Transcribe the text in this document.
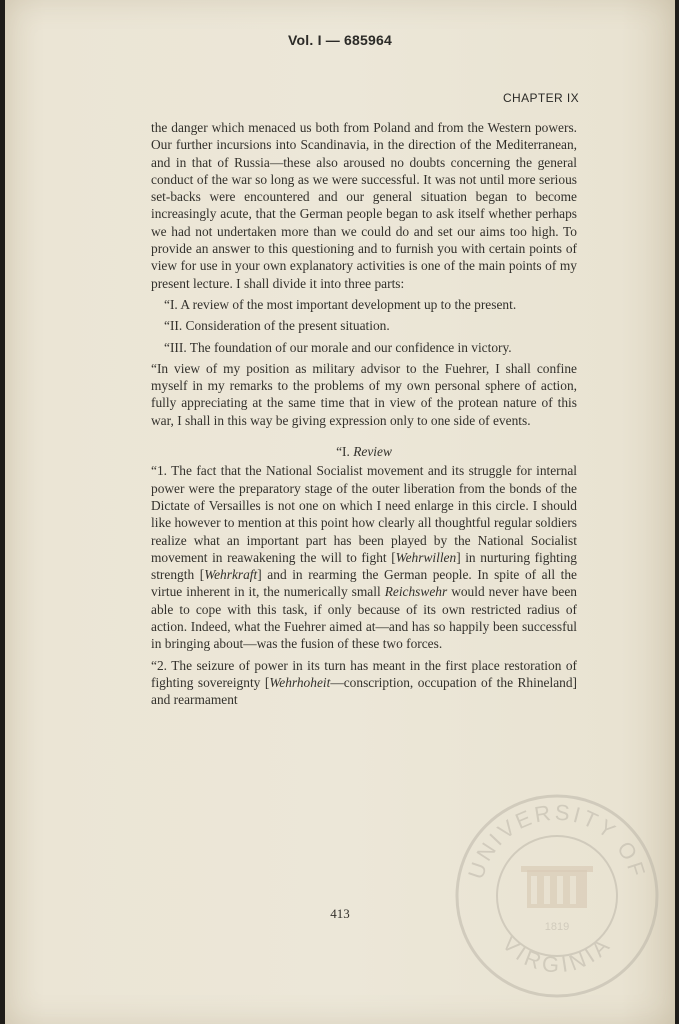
Vol. I — 685964
CHAPTER IX

the danger which menaced us both from Poland and from the Western powers. Our further incursions into Scandinavia, in the direction of the Mediterranean, and in that of Russia—these also aroused no doubts concerning the general conduct of the war so long as we were successful. It was not until more serious set-backs were encountered and our general situation began to become increasingly acute, that the German people began to ask itself whether perhaps we had not undertaken more than we could do and set our aims too high. To provide an answer to this questioning and to furnish you with certain points of view for use in your own explanatory activities is one of the main points of my present lecture. I shall divide it into three parts:

“I. A review of the most important development up to the present.

“II. Consideration of the present situation.

“III. The foundation of our morale and our confidence in victory.

“In view of my position as military advisor to the Fuehrer, I shall confine myself in my remarks to the problems of my own personal sphere of action, fully appreciating at the same time that in view of the protean nature of this war, I shall in this way be giving expression only to one side of events.

“I. Review

“1. The fact that the National Socialist movement and its struggle for internal power were the preparatory stage of the outer liberation from the bonds of the Dictate of Versailles is not one on which I need enlarge in this circle. I should like however to mention at this point how clearly all thoughtful regular soldiers realize what an important part has been played by the National Socialist movement in reawakening the will to fight [Wehrwillen] in nurturing fighting strength [Wehrkraft] and in rearming the German people. In spite of all the virtue inherent in it, the numerically small Reichswehr would never have been able to cope with this task, if only because of its own restricted radius of action. Indeed, what the Fuehrer aimed at—and has so happily been successful in bringing about—was the fusion of these two forces.

“2. The seizure of power in its turn has meant in the first place restoration of fighting sovereignty [Wehrhoheit—conscription, occupation of the Rhineland] and rearmament

413
UNIVERSITY OF
VIRGINIA
1819
